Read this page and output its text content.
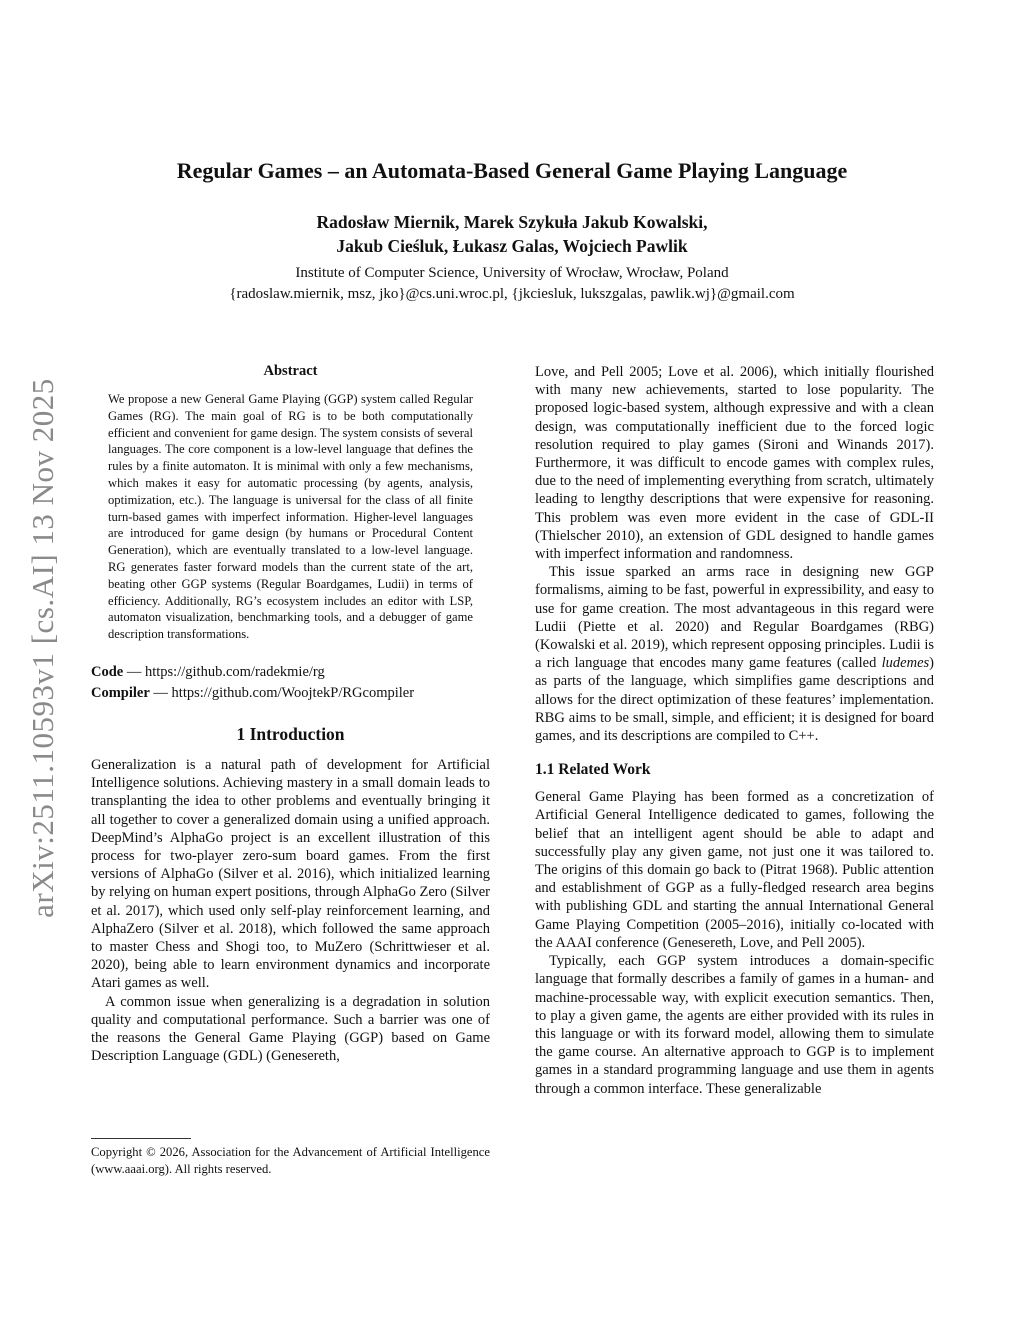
arXiv:2511.10593v1 [cs.AI] 13 Nov 2025
Regular Games – an Automata-Based General Game Playing Language
Radosław Miernik, Marek Szykuła Jakub Kowalski,
Jakub Cieśluk, Łukasz Galas, Wojciech Pawlik
Institute of Computer Science, University of Wrocław, Wrocław, Poland
{radoslaw.miernik, msz, jko}@cs.uni.wroc.pl, {jkciesluk, lukszgalas, pawlik.wj}@gmail.com
Abstract

We propose a new General Game Playing (GGP) system called Regular Games (RG). The main goal of RG is to be both computationally efficient and convenient for game design. The system consists of several languages. The core component is a low-level language that defines the rules by a finite automaton. It is minimal with only a few mechanisms, which makes it easy for automatic processing (by agents, analysis, optimization, etc.). The language is universal for the class of all finite turn-based games with imperfect information. Higher-level languages are introduced for game design (by humans or Procedural Content Generation), which are eventually translated to a low-level language. RG generates faster forward models than the current state of the art, beating other GGP systems (Regular Boardgames, Ludii) in terms of efficiency. Additionally, RG’s ecosystem includes an editor with LSP, automaton visualization, benchmarking tools, and a debugger of game description transformations.

Code — https://github.com/radekmie/rg
Compiler — https://github.com/WoojtekP/RGcompiler
1 Introduction

Generalization is a natural path of development for Artificial Intelligence solutions. Achieving mastery in a small domain leads to transplanting the idea to other problems and eventually bringing it all together to cover a generalized domain using a unified approach. DeepMind’s AlphaGo project is an excellent illustration of this process for two-player zero-sum board games. From the first versions of AlphaGo (Silver et al. 2016), which initialized learning by relying on human expert positions, through AlphaGo Zero (Silver et al. 2017), which used only self-play reinforcement learning, and AlphaZero (Silver et al. 2018), which followed the same approach to master Chess and Shogi too, to MuZero (Schrittwieser et al. 2020), being able to learn environment dynamics and incorporate Atari games as well.

A common issue when generalizing is a degradation in solution quality and computational performance. Such a barrier was one of the reasons the General Game Playing (GGP) based on Game Description Language (GDL) (Genesereth,

Love, and Pell 2005; Love et al. 2006), which initially flourished with many new achievements, started to lose popularity. The proposed logic-based system, although expressive and with a clean design, was computationally inefficient due to the forced logic resolution required to play games (Sironi and Winands 2017). Furthermore, it was difficult to encode games with complex rules, due to the need of implementing everything from scratch, ultimately leading to lengthy descriptions that were expensive for reasoning. This problem was even more evident in the case of GDL-II (Thielscher 2010), an extension of GDL designed to handle games with imperfect information and randomness.

This issue sparked an arms race in designing new GGP formalisms, aiming to be fast, powerful in expressibility, and easy to use for game creation. The most advantageous in this regard were Ludii (Piette et al. 2020) and Regular Boardgames (RBG) (Kowalski et al. 2019), which represent opposing principles. Ludii is a rich language that encodes many game features (called ludemes) as parts of the language, which simplifies game descriptions and allows for the direct optimization of these features’ implementation. RBG aims to be small, simple, and efficient; it is designed for board games, and its descriptions are compiled to C++.

1.1 Related Work

General Game Playing has been formed as a concretization of Artificial General Intelligence dedicated to games, following the belief that an intelligent agent should be able to adapt and successfully play any given game, not just one it was tailored to. The origins of this domain go back to (Pitrat 1968). Public attention and establishment of GGP as a fully-fledged research area begins with publishing GDL and starting the annual International General Game Playing Competition (2005–2016), initially co-located with the AAAI conference (Genesereth, Love, and Pell 2005).

Typically, each GGP system introduces a domain-specific language that formally describes a family of games in a human- and machine-processable way, with explicit execution semantics. Then, to play a given game, the agents are either provided with its rules in this language or with its forward model, allowing them to simulate the game course. An alternative approach to GGP is to implement games in a standard programming language and use them in agents through a common interface. These generalizable

Copyright © 2026, Association for the Advancement of Artificial Intelligence (www.aaai.org). All rights reserved.
